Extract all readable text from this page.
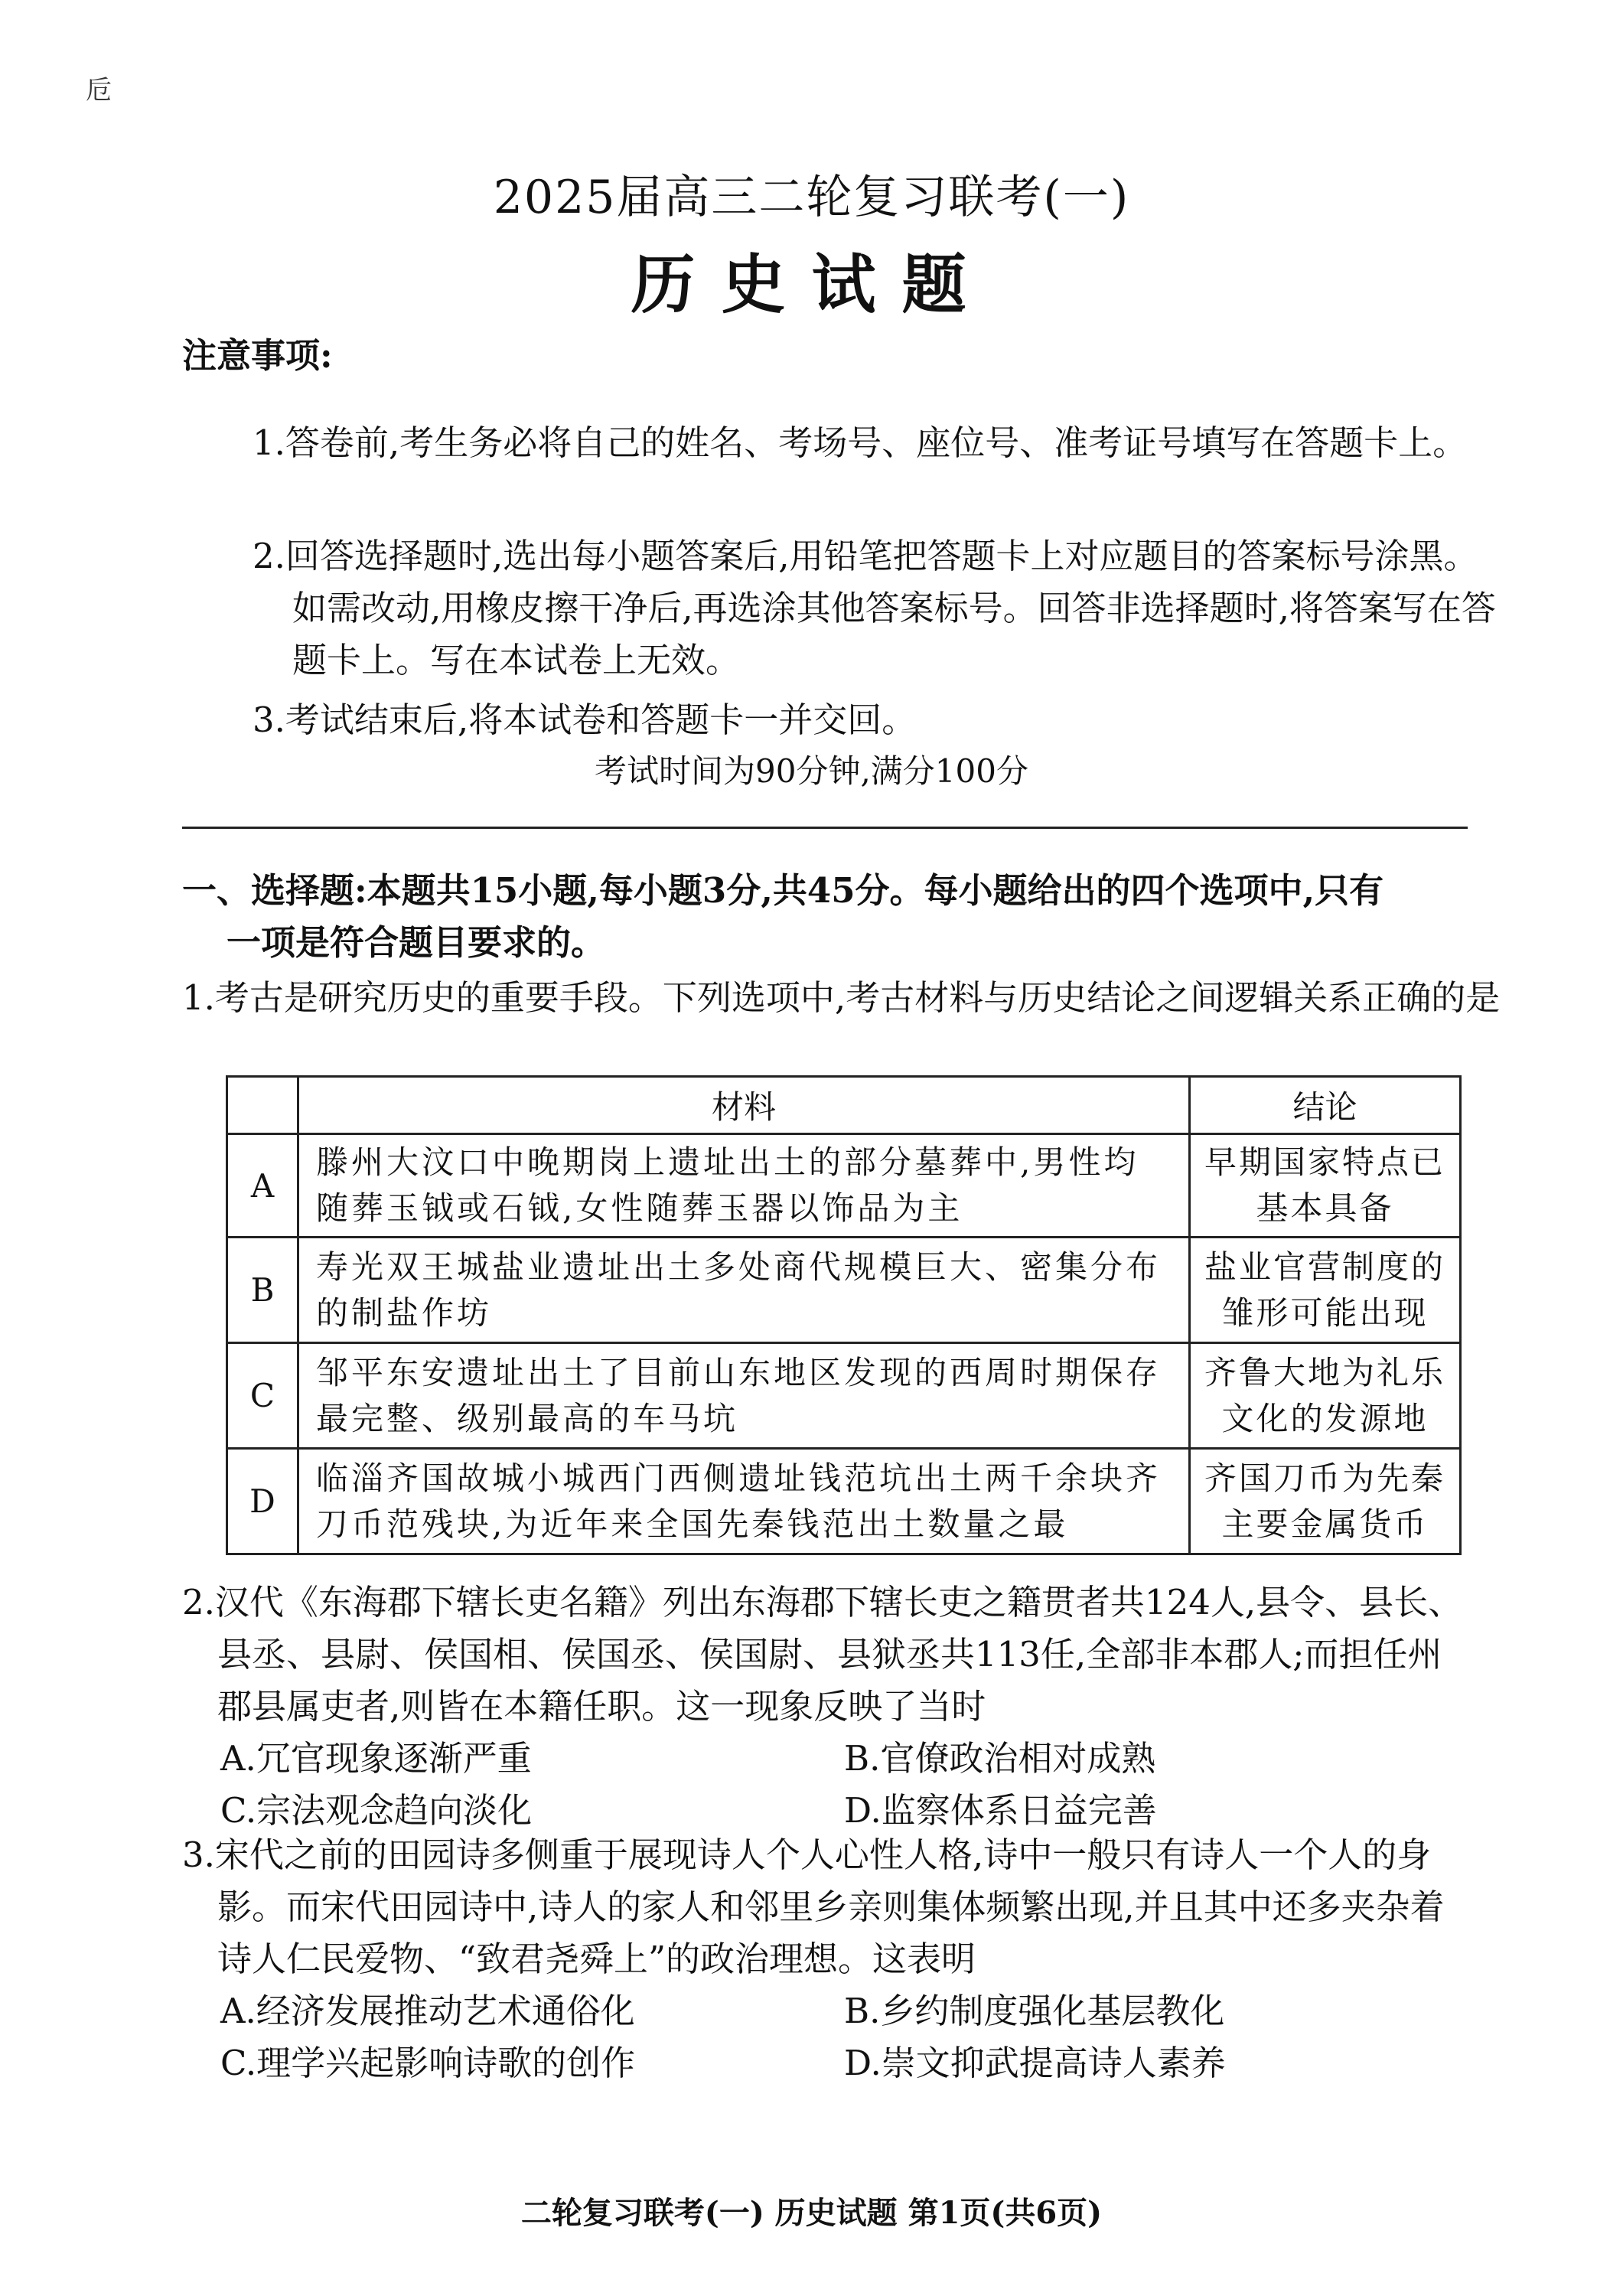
卮
2025届高三二轮复习联考(一)
历史试题
注意事项:
1.答卷前,考生务必将自己的姓名、考场号、座位号、准考证号填写在答题卡上。
2.回答选择题时,选出每小题答案后,用铅笔把答题卡上对应题目的答案标号涂黑。如需改动,用橡皮擦干净后,再选涂其他答案标号。回答非选择题时,将答案写在答题卡上。写在本试卷上无效。
3.考试结束后,将本试卷和答题卡一并交回。
考试时间为90分钟,满分100分
一、选择题:本题共15小题,每小题3分,共45分。每小题给出的四个选项中,只有
一项是符合题目要求的。
1.考古是研究历史的重要手段。下列选项中,考古材料与历史结论之间逻辑关系正确的是
	材料	结论
A	滕州大汶口中晚期岗上遗址出土的部分墓葬中,男性均随葬玉钺或石钺,女性随葬玉器以饰品为主	早期国家特点已基本具备
B	寿光双王城盐业遗址出土多处商代规模巨大、密集分布的制盐作坊	盐业官营制度的雏形可能出现
C	邹平东安遗址出土了目前山东地区发现的西周时期保存最完整、级别最高的车马坑	齐鲁大地为礼乐文化的发源地
D	临淄齐国故城小城西门西侧遗址钱范坑出土两千余块齐刀币范残块,为近年来全国先秦钱范出土数量之最	齐国刀币为先秦主要金属货币
2.汉代《东海郡下辖长吏名籍》列出东海郡下辖长吏之籍贯者共124人,县令、县长、县丞、县尉、侯国相、侯国丞、侯国尉、县狱丞共113任,全部非本郡人;而担任州郡县属吏者,则皆在本籍任职。这一现象反映了当时
A.冗官现象逐渐严重	B.官僚政治相对成熟
C.宗法观念趋向淡化	D.监察体系日益完善
3.宋代之前的田园诗多侧重于展现诗人个人心性人格,诗中一般只有诗人一个人的身影。而宋代田园诗中,诗人的家人和邻里乡亲则集体频繁出现,并且其中还多夹杂着诗人仁民爱物、“致君尧舜上”的政治理想。这表明
A.经济发展推动艺术通俗化	B.乡约制度强化基层教化
C.理学兴起影响诗歌的创作	D.崇文抑武提高诗人素养
二轮复习联考(一) 历史试题 第1页(共6页)
